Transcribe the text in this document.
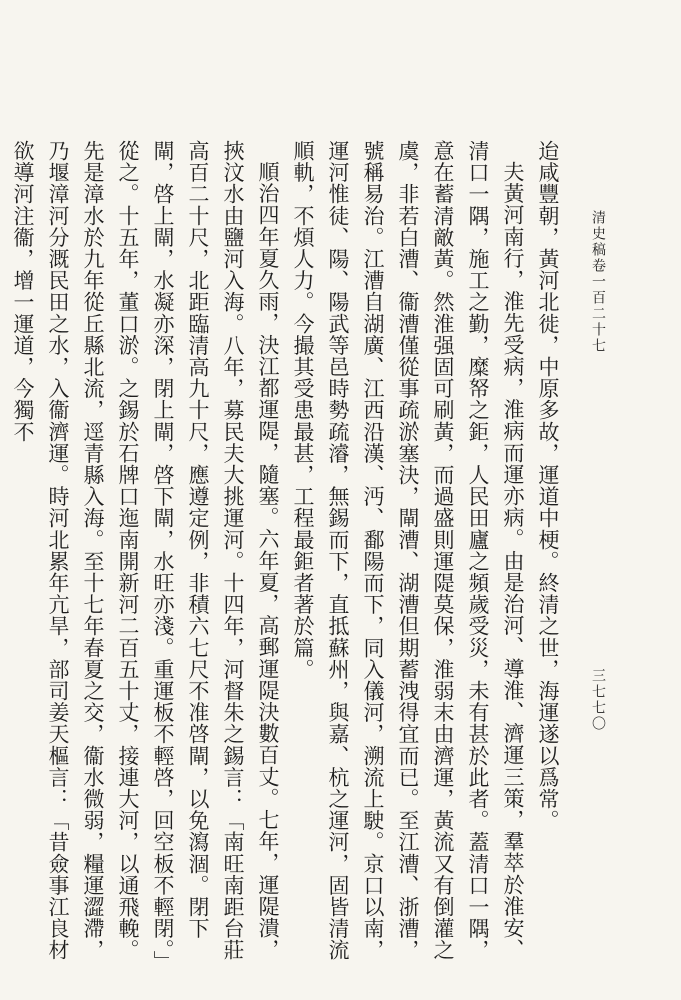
清史稿卷一百二十七
三七七〇

迨咸豐朝，黃河北徙，中原多故，運道中梗。終清之世，海運遂以爲常。

夫黃河南行，淮先受病，淮病而運亦病。由是治河、導淮、濟運三策，羣萃於淮安、清口一隅，施工之勤，糜帑之鉅，人民田廬之頻歲受災，未有甚於此者。蓋清口一隅，意在蓄清敵黃。然淮强固可刷黃，而過盛則運隄莫保，淮弱末由濟運，黃流又有倒灌之虞，非若白漕、衞漕僅從事疏淤塞決，閘漕、湖漕但期蓄洩得宜而已。至江漕、浙漕，號稱易治。江漕自湖廣、江西沿漢、沔、鄱陽而下，同入儀河，溯流上駛。京口以南，運河惟徒、陽、陽武等邑時勢疏濬，無錫而下，直抵蘇州，與嘉、杭之運河，固皆清流順軌，不煩人力。今撮其受患最甚，工程最鉅者著於篇。

順治四年夏久雨，決江都運隄，隨塞。六年夏，高郵運隄決數百丈。七年，運隄潰，挾汶水由鹽河入海。八年，募民夫大挑運河。十四年，河督朱之錫言：「南旺南距台莊高百二十尺，北距臨清高九十尺，應遵定例，非積六七尺不准啓閘，以免瀉涸。閉下閘，啓上閘，水凝亦深，閉上閘，啓下閘，水旺亦淺。重運板不輕啓，回空板不輕閉。」從之。十五年，董口淤。之錫於石牌口迤南開新河二百五十丈，接連大河，以通飛輓。先是漳水於九年從丘縣北流，逕青縣入海。至十七年春夏之交，衞水微弱，糧運澀滯，乃堰漳河分溉民田之水，入衞濟運。時河北累年亢旱，部司姜天樞言：「昔僉事江良材欲導河注衞，增一運道，今獨不
